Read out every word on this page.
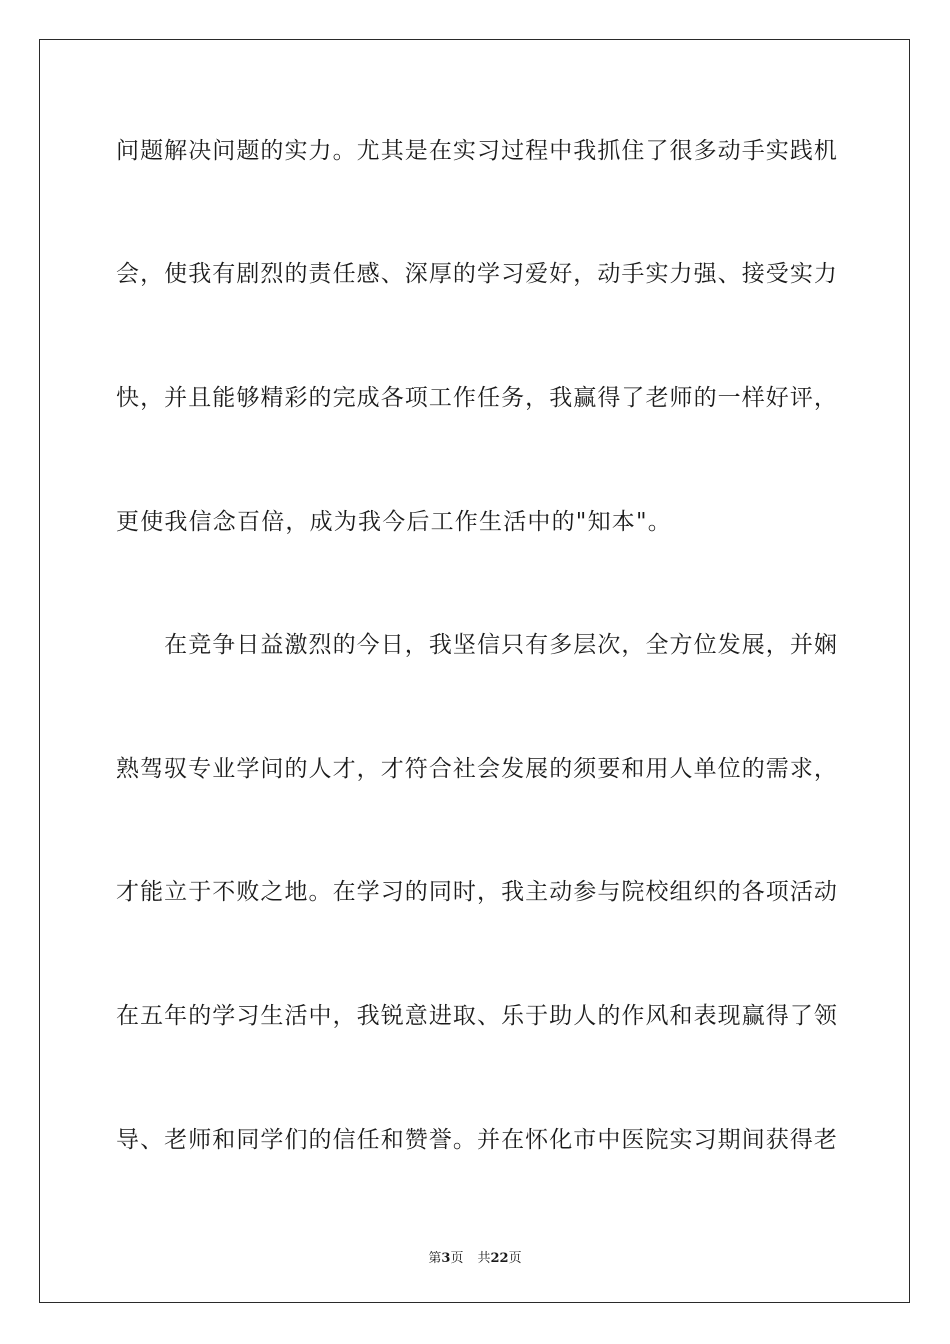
问题解决问题的实力。尤其是在实习过程中我抓住了很多动手实践机

会，使我有剧烈的责任感、深厚的学习爱好，动手实力强、接受实力

快，并且能够精彩的完成各项工作任务，我赢得了老师的一样好评，

更使我信念百倍，成为我今后工作生活中的"知本"。

　　在竞争日益激烈的今日，我坚信只有多层次，全方位发展，并娴

熟驾驭专业学问的人才，才符合社会发展的须要和用人单位的需求，

才能立于不败之地。在学习的同时，我主动参与院校组织的各项活动

在五年的学习生活中，我锐意进取、乐于助人的作风和表现赢得了领

导、老师和同学们的信任和赞誉。并在怀化市中医院实习期间获得老

第3页 共22页
